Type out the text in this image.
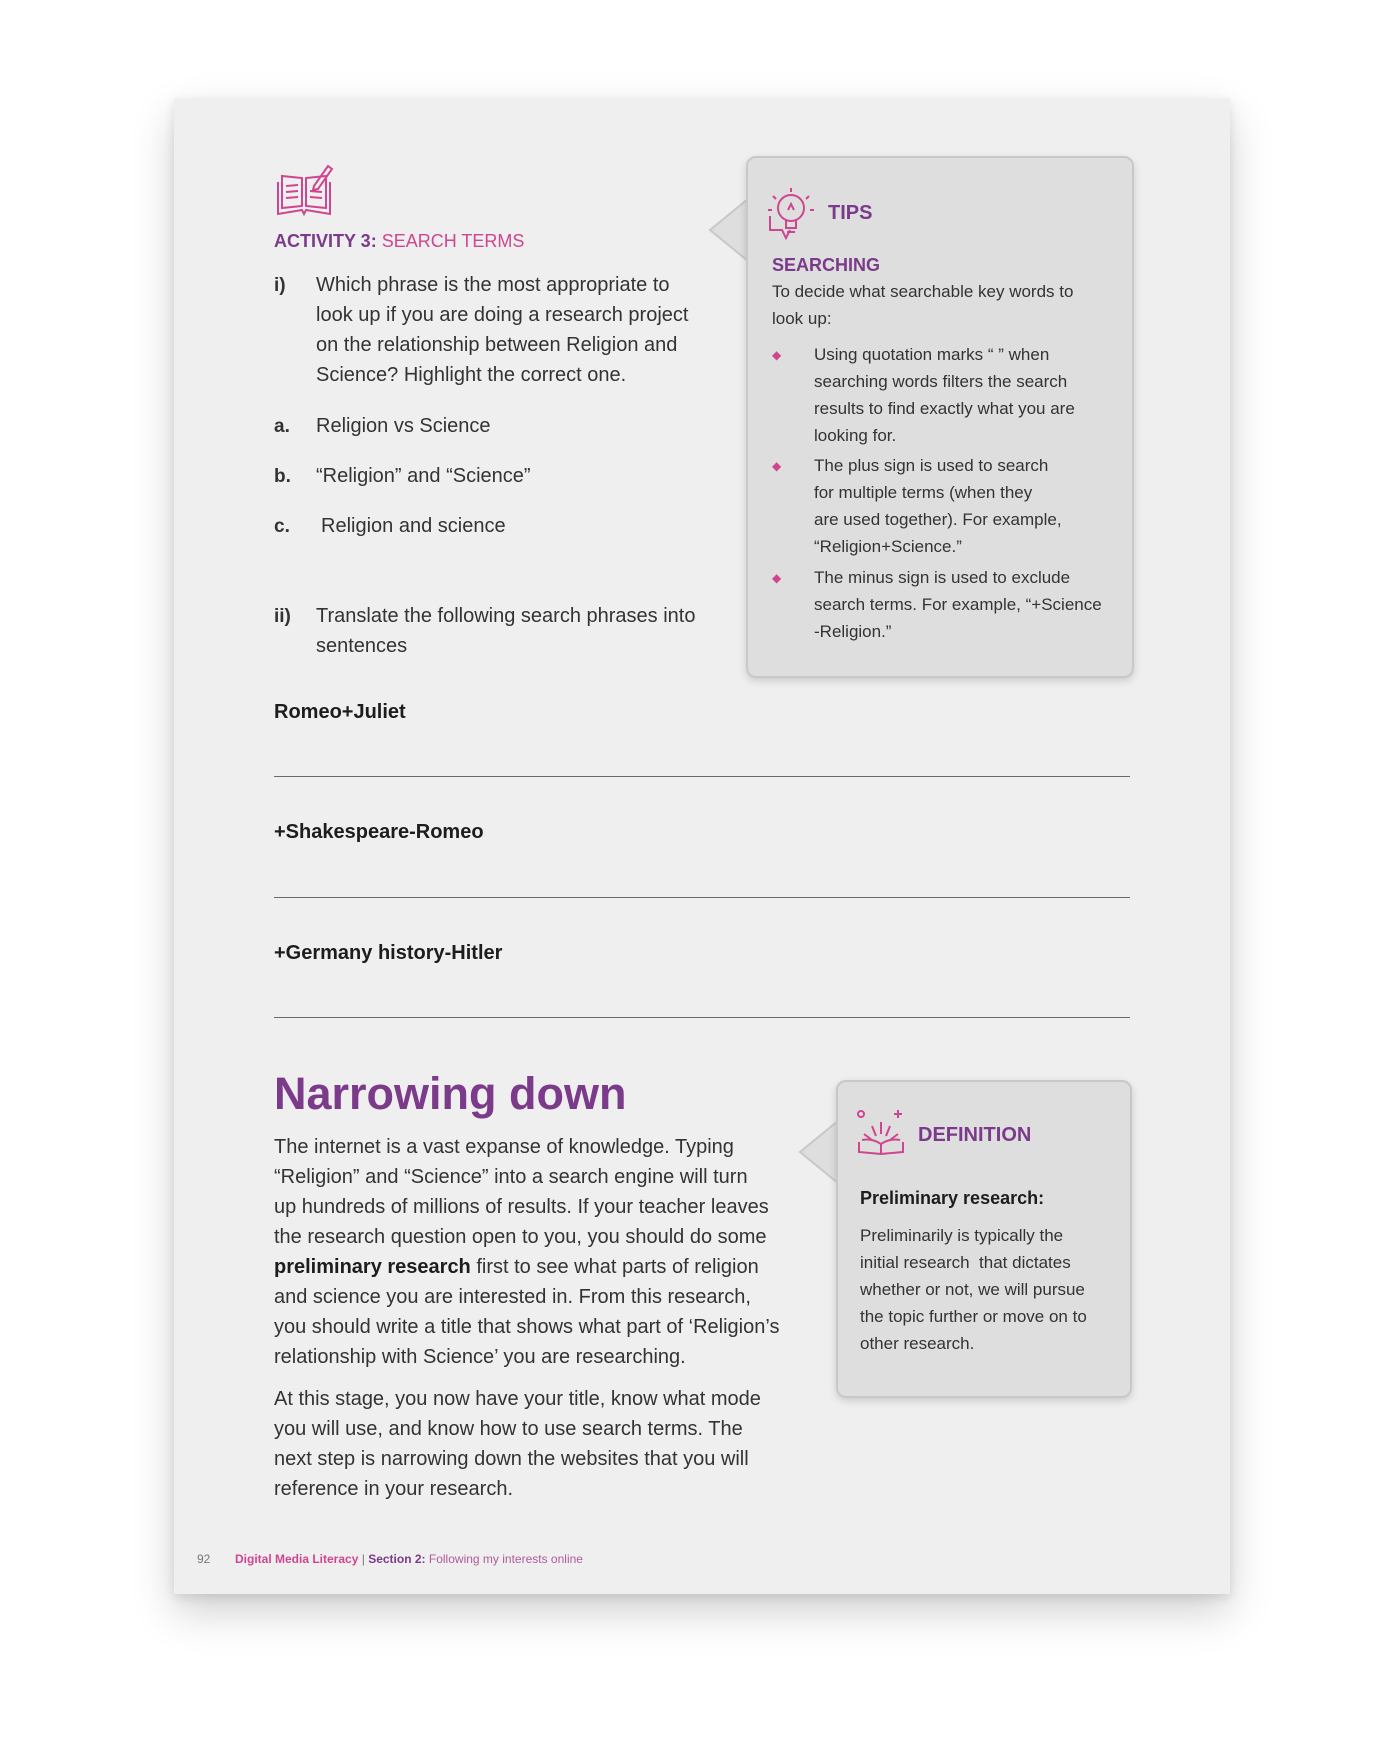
ACTIVITY 3: SEARCH TERMS
i) Which phrase is the most appropriate to
look up if you are doing a research project
on the relationship between Religion and
Science? Highlight the correct one.
a. Religion vs Science
b. “Religion” and “Science”
c. Religion and science
ii) Translate the following search phrases into
sentences
Romeo+Juliet
+Shakespeare-Romeo
+Germany history-Hitler
TIPS
SEARCHING
To decide what searchable key words to
look up:
◆ Using quotation marks “ ” when
searching words filters the search
results to find exactly what you are
looking for.
◆ The plus sign is used to search
for multiple terms (when they
are used together). For example,
“Religion+Science.”
◆ The minus sign is used to exclude
search terms. For example, “+Science
-Religion.”
Narrowing down
The internet is a vast expanse of knowledge. Typing
“Religion” and “Science” into a search engine will turn
up hundreds of millions of results. If your teacher leaves
the research question open to you, you should do some
preliminary research first to see what parts of religion
and science you are interested in. From this research,
you should write a title that shows what part of ‘Religion’s
relationship with Science’ you are researching.
At this stage, you now have your title, know what mode
you will use, and know how to use search terms. The
next step is narrowing down the websites that you will
reference in your research.
DEFINITION
Preliminary research:
Preliminarily is typically the
initial research  that dictates
whether or not, we will pursue
the topic further or move on to
other research.
92 Digital Media Literacy | Section 2: Following my interests online
